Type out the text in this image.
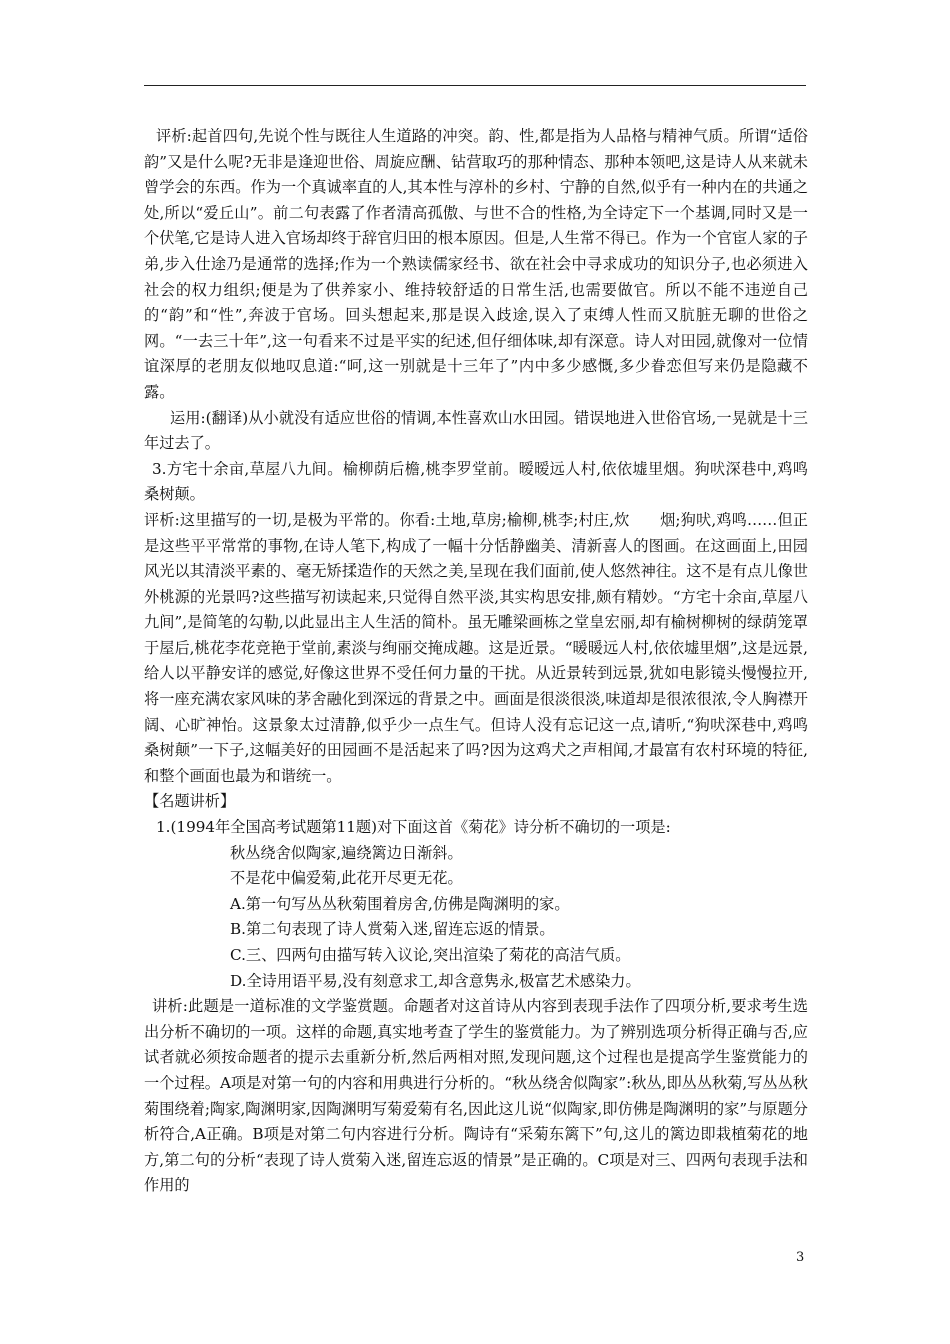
评析:起首四句,先说个性与既往人生道路的冲突。韵、性,都是指为人品格与精神气质。所谓“适俗韵”又是什么呢?无非是逢迎世俗、周旋应酬、钻营取巧的那种情态、那种本领吧,这是诗人从来就未曾学会的东西。作为一个真诚率直的人,其本性与淳朴的乡村、宁静的自然,似乎有一种内在的共通之处,所以“爱丘山”。前二句表露了作者清高孤傲、与世不合的性格,为全诗定下一个基调,同时又是一个伏笔,它是诗人进入官场却终于辞官归田的根本原因。但是,人生常不得已。作为一个官宦人家的子弟,步入仕途乃是通常的选择;作为一个熟读儒家经书、欲在社会中寻求成功的知识分子,也必须进入社会的权力组织;便是为了供养家小、维持较舒适的日常生活,也需要做官。所以不能不违逆自己的“韵”和“性”,奔波于官场。回头想起来,那是误入歧途,误入了束缚人性而又肮脏无聊的世俗之网。“一去三十年”,这一句看来不过是平实的纪述,但仔细体味,却有深意。诗人对田园,就像对一位情谊深厚的老朋友似地叹息道:“呵,这一别就是十三年了”内中多少感慨,多少眷恋但写来仍是隐藏不露。

运用:(翻译)从小就没有适应世俗的情调,本性喜欢山水田园。错误地进入世俗官场,一晃就是十三年过去了。

3.方宅十余亩,草屋八九间。榆柳荫后檐,桃李罗堂前。暧暧远人村,依依墟里烟。狗吠深巷中,鸡鸣桑树颠。

评析:这里描写的一切,是极为平常的。你看:土地,草房;榆柳,桃李;村庄,炊　　烟;狗吠,鸡鸣……但正是这些平平常常的事物,在诗人笔下,构成了一幅十分恬静幽美、清新喜人的图画。在这画面上,田园风光以其清淡平素的、毫无矫揉造作的天然之美,呈现在我们面前,使人悠然神往。这不是有点儿像世外桃源的光景吗?这些描写初读起来,只觉得自然平淡,其实构思安排,颇有精妙。“方宅十余亩,草屋八九间”,是简笔的勾勒,以此显出主人生活的简朴。虽无雕梁画栋之堂皇宏丽,却有榆树柳树的绿荫笼罩于屋后,桃花李花竞艳于堂前,素淡与绚丽交掩成趣。这是近景。“暖暖远人村,依依墟里烟”,这是远景,给人以平静安详的感觉,好像这世界不受任何力量的干扰。从近景转到远景,犹如电影镜头慢慢拉开,将一座充满农家风味的茅舍融化到深远的背景之中。画面是很淡很淡,味道却是很浓很浓,令人胸襟开阔、心旷神怡。这景象太过清静,似乎少一点生气。但诗人没有忘记这一点,请听,“狗吠深巷中,鸡鸣桑树颠”一下子,这幅美好的田园画不是活起来了吗?因为这鸡犬之声相闻,才最富有农村环境的特征,和整个画面也最为和谐统一。

【名题讲析】

1.(1994年全国高考试题第11题)对下面这首《菊花》诗分析不确切的一项是:

秋丛绕舍似陶家,遍绕篱边日渐斜。

不是花中偏爱菊,此花开尽更无花。

A.第一句写丛丛秋菊围着房舍,仿佛是陶渊明的家。

B.第二句表现了诗人赏菊入迷,留连忘返的情景。

C.三、四两句由描写转入议论,突出渲染了菊花的高洁气质。

D.全诗用语平易,没有刻意求工,却含意隽永,极富艺术感染力。

讲析:此题是一道标准的文学鉴赏题。命题者对这首诗从内容到表现手法作了四项分析,要求考生选出分析不确切的一项。这样的命题,真实地考查了学生的鉴赏能力。为了辨别选项分析得正确与否,应试者就必须按命题者的提示去重新分析,然后两相对照,发现问题,这个过程也是提高学生鉴赏能力的一个过程。A项是对第一句的内容和用典进行分析的。“秋丛绕舍似陶家”:秋丛,即丛丛秋菊,写丛丛秋菊围绕着;陶家,陶渊明家,因陶渊明写菊爱菊有名,因此这儿说“似陶家,即仿佛是陶渊明的家”与原题分析符合,A正确。B项是对第二句内容进行分析。陶诗有“采菊东篱下”句,这儿的篱边即栽植菊花的地方,第二句的分析“表现了诗人赏菊入迷,留连忘返的情景”是正确的。C项是对三、四两句表现手法和作用的

3
